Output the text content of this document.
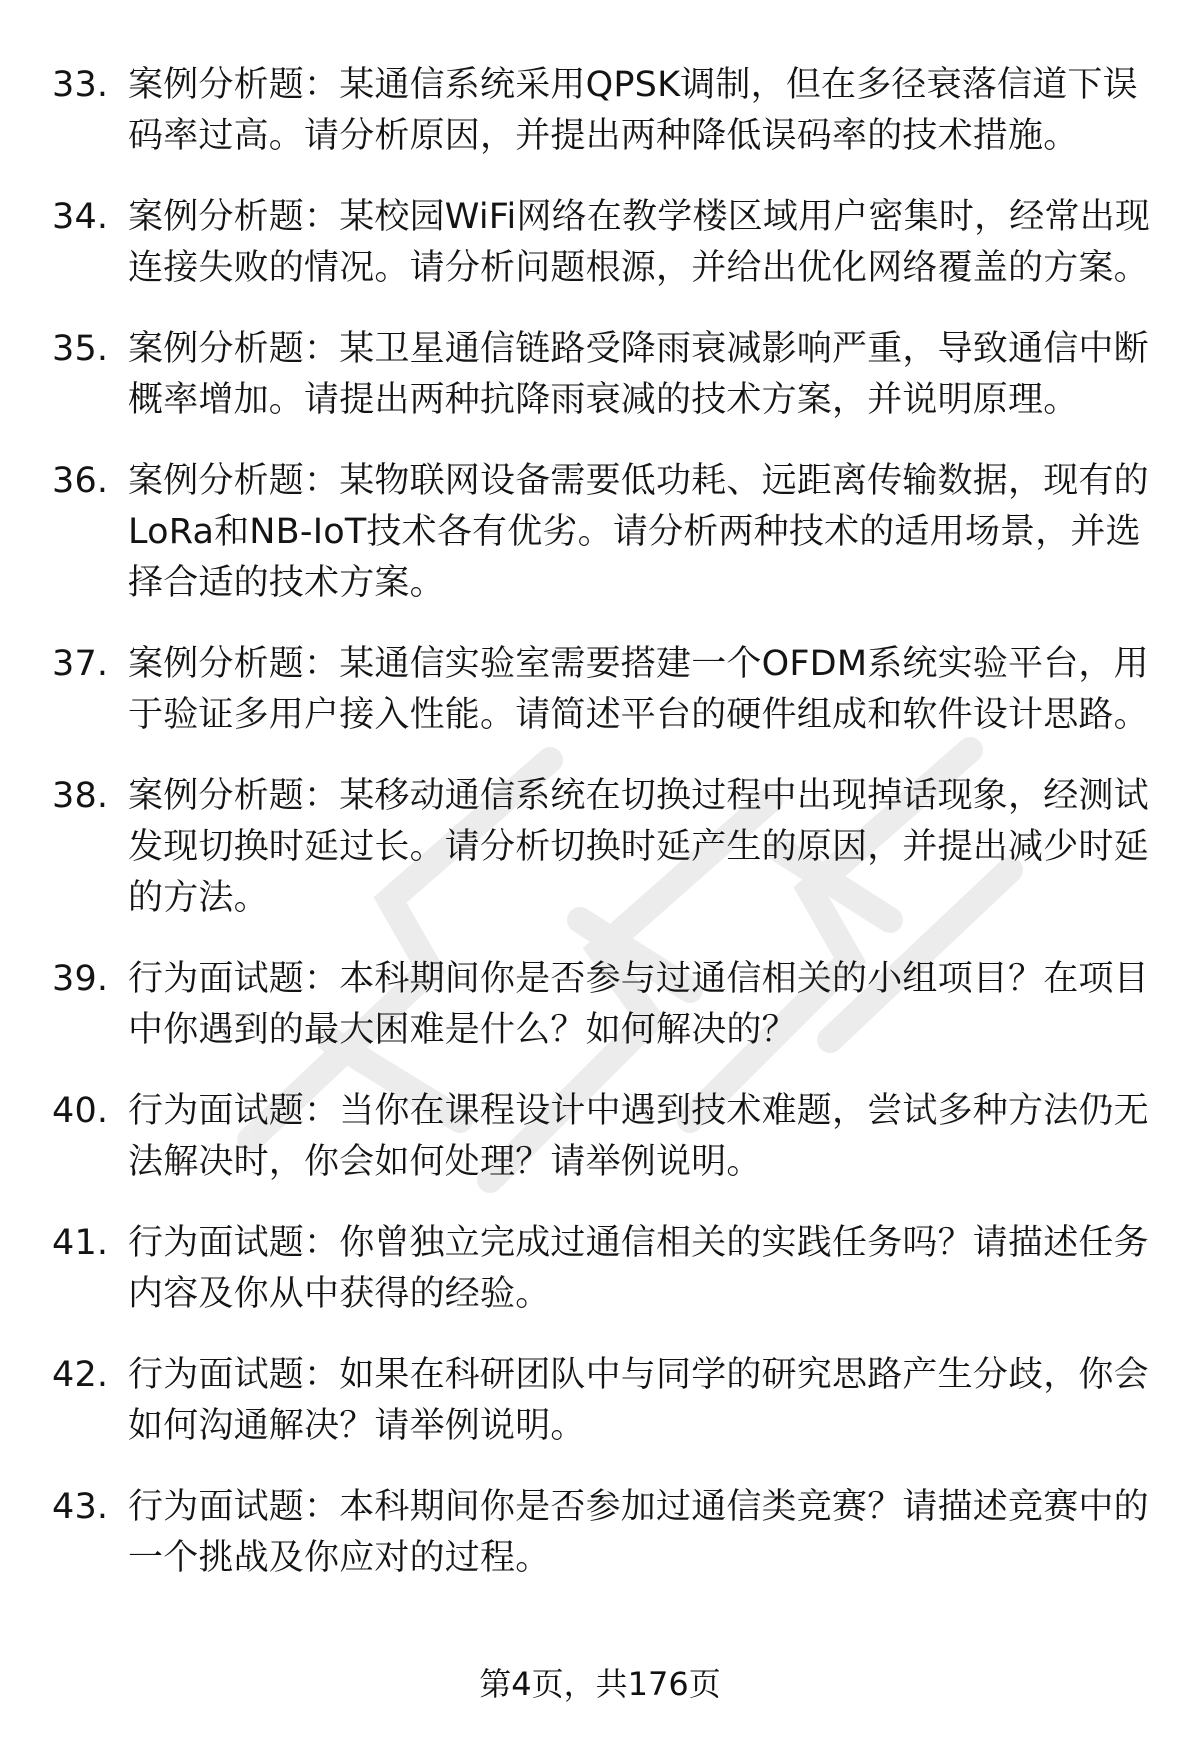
33. 案例分析题：某通信系统采用QPSK调制，但在多径衰落信道下误码率过高。请分析原因，并提出两种降低误码率的技术措施。
34. 案例分析题：某校园WiFi网络在教学楼区域用户密集时，经常出现连接失败的情况。请分析问题根源，并给出优化网络覆盖的方案。
35. 案例分析题：某卫星通信链路受降雨衰减影响严重，导致通信中断概率增加。请提出两种抗降雨衰减的技术方案，并说明原理。
36. 案例分析题：某物联网设备需要低功耗、远距离传输数据，现有的LoRa和NB-IoT技术各有优劣。请分析两种技术的适用场景，并选择合适的技术方案。
37. 案例分析题：某通信实验室需要搭建一个OFDM系统实验平台，用于验证多用户接入性能。请简述平台的硬件组成和软件设计思路。
38. 案例分析题：某移动通信系统在切换过程中出现掉话现象，经测试发现切换时延过长。请分析切换时延产生的原因，并提出减少时延的方法。
39. 行为面试题：本科期间你是否参与过通信相关的小组项目？在项目中你遇到的最大困难是什么？如何解决的？
40. 行为面试题：当你在课程设计中遇到技术难题，尝试多种方法仍无法解决时，你会如何处理？请举例说明。
41. 行为面试题：你曾独立完成过通信相关的实践任务吗？请描述任务内容及你从中获得的经验。
42. 行为面试题：如果在科研团队中与同学的研究思路产生分歧，你会如何沟通解决？请举例说明。
43. 行为面试题：本科期间你是否参加过通信类竞赛？请描述竞赛中的一个挑战及你应对的过程。
第4页，共176页
